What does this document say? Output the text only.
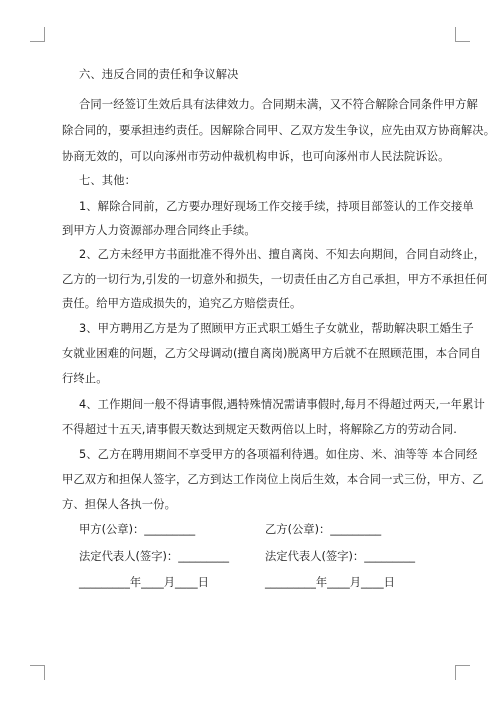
六、违反合同的责任和争议解决
合同一经签订生效后具有法律效力。合同期未满，又不符合解除合同条件甲方解
除合同的，要承担违约责任。因解除合同甲、乙双方发生争议，应先由双方协商解决。
协商无效的，可以向涿州市劳动仲裁机构申诉，也可向涿州市人民法院诉讼。
七、其他：
1、解除合同前，乙方要办理好现场工作交接手续，持项目部签认的工作交接单
到甲方人力资源部办理合同终止手续。
2、乙方未经甲方书面批准不得外出、擅自离岗、不知去向期间，合同自动终止，
乙方的一切行为,引发的一切意外和损失，一切责任由乙方自己承担，甲方不承担任何
责任。给甲方造成损失的，追究乙方赔偿责任。
3、甲方聘用乙方是为了照顾甲方正式职工婚生子女就业，帮助解决职工婚生子
女就业困难的问题，乙方父母调动(擅自离岗)脱离甲方后就不在照顾范围，本合同自
行终止。
4、工作期间一般不得请事假,遇特殊情况需请事假时,每月不得超过两天,一年累计
不得超过十五天,请事假天数达到规定天数两倍以上时，将解除乙方的劳动合同.
5、乙方在聘用期间不享受甲方的各项福利待遇。如住房、米、油等等 本合同经
甲乙双方和担保人签字，乙方到达工作岗位上岗后生效，本合同一式三份，甲方、乙
方、担保人各执一份。
甲方(公章)：_________	乙方(公章)：_________
法定代表人(签字)：_________	法定代表人(签字)：_________
_________年____月____日	_________年____月____日
